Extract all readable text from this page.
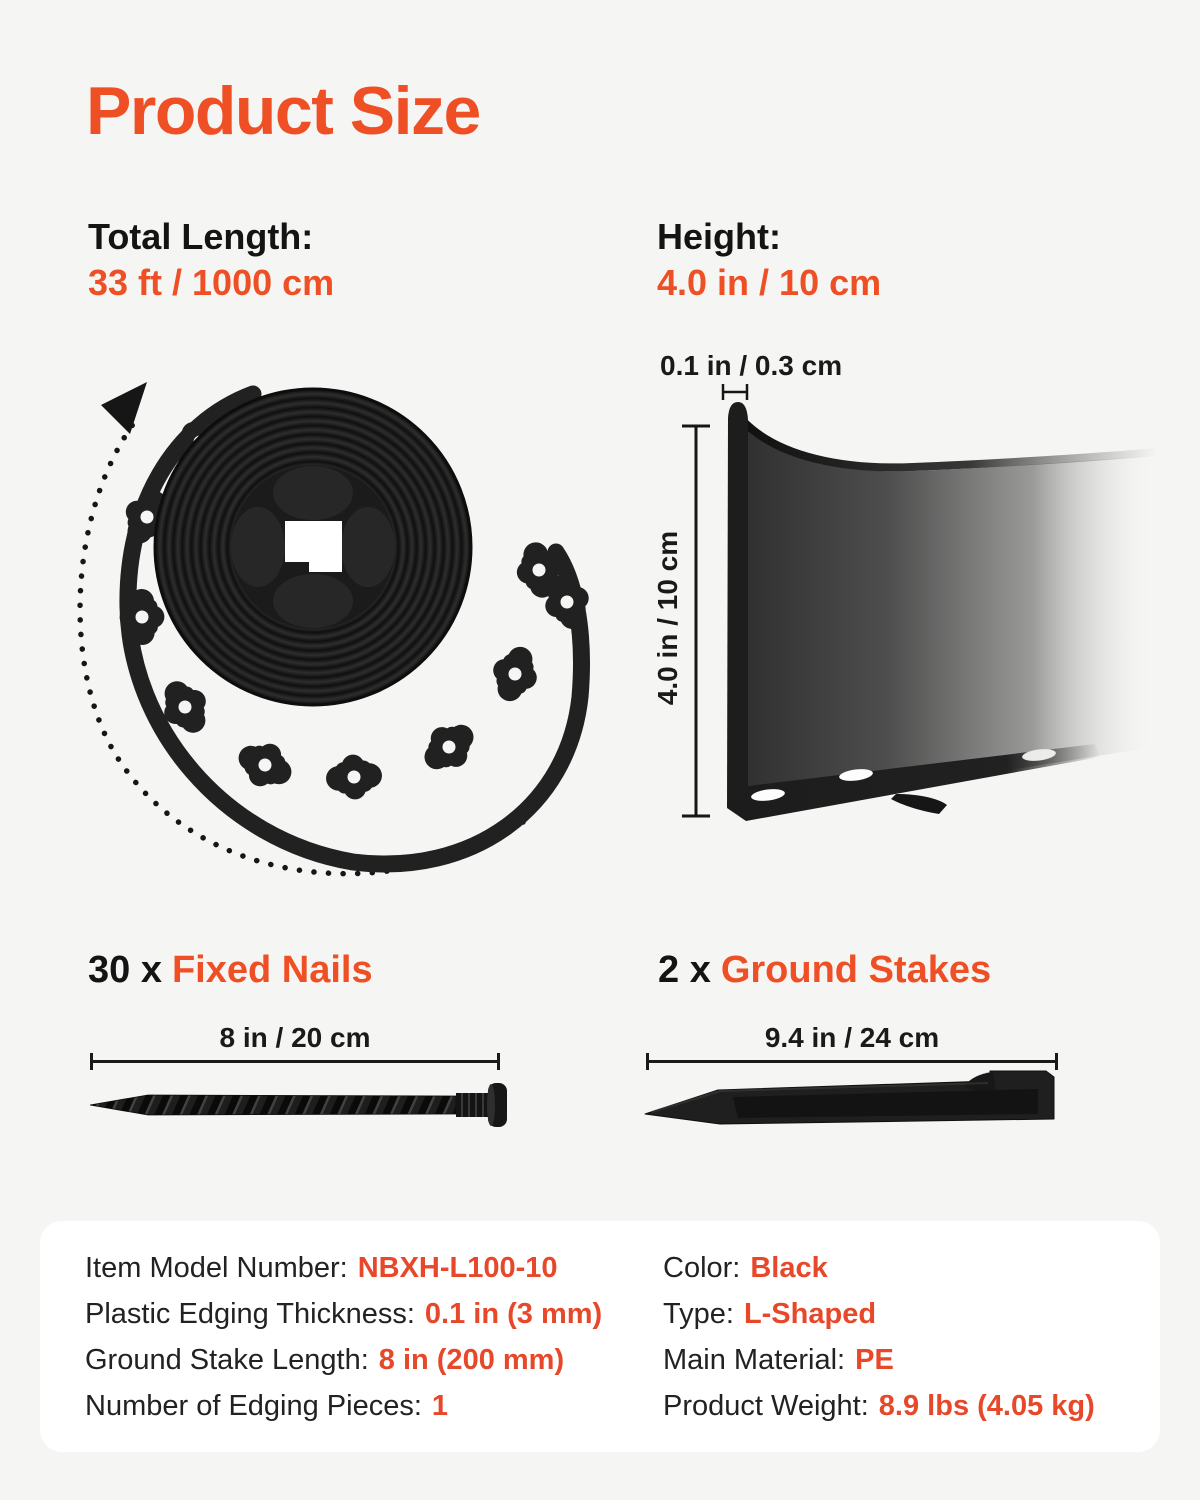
Product Size
Total Length:
33 ft / 1000 cm
Height:
4.0 in / 10 cm
0.1 in / 0.3 cm
4.0 in / 10 cm
30 x Fixed Nails
8 in / 20 cm
2 x Ground Stakes
9.4 in / 24 cm
Item Model Number: NBXH-L100-10
Plastic Edging Thickness: 0.1 in (3 mm)
Ground Stake Length: 8 in (200 mm)
Number of Edging Pieces: 1
Color: Black
Type: L-Shaped
Main Material: PE
Product Weight: 8.9 lbs (4.05 kg)
